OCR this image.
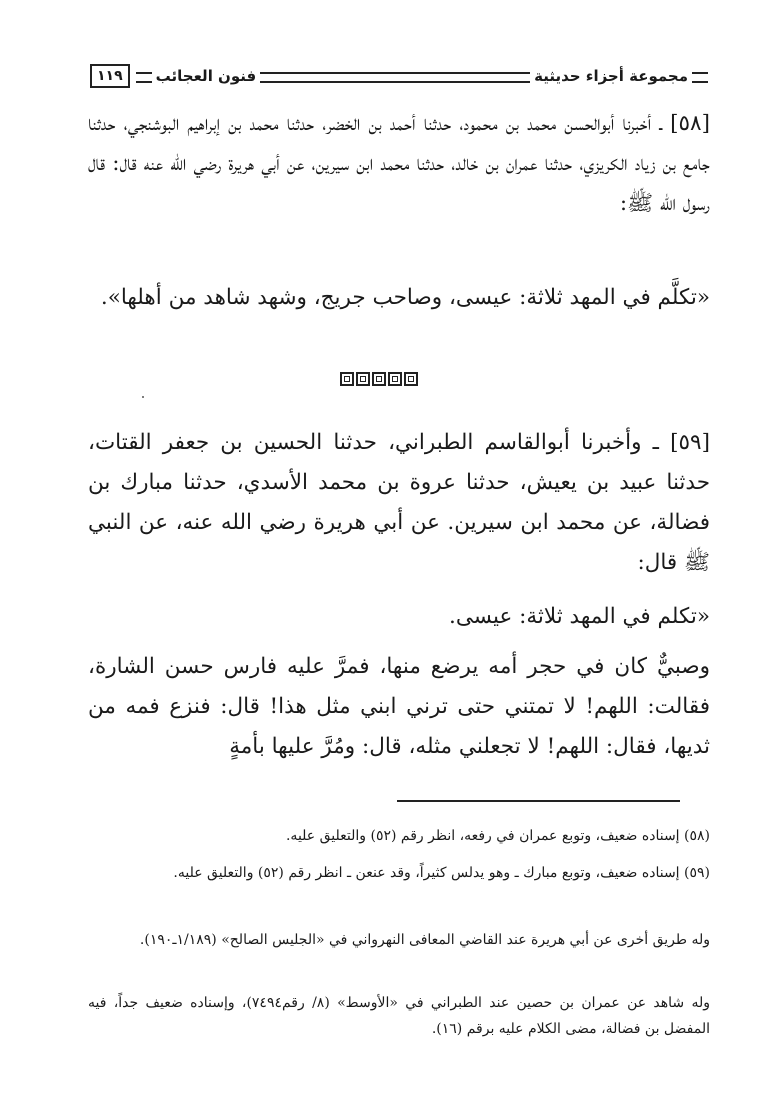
مجموعة أجزاء حديثية
فنون العجائب
١١٩

[٥٨] ـ أخبرنا أبوالحسن محمد بن محمود، حدثنا أحمد بن الخضر، حدثنا محمد بن إبراهيم البوشنجي، حدثنا جامع بن زياد الكريزي، حدثنا عمران بن خالد، حدثنا محمد ابن سيرين، عن أبي هريرة رضي الله عنه قال: قال رسول الله ﷺ:

«تكلَّم في المهد ثلاثة: عيسى، وصاحب جريج، وشهد شاهد من أهلها».

[٥٩] ـ وأخبرنا أبوالقاسم الطبراني، حدثنا الحسين بن جعفر القتات، حدثنا عبيد بن يعيش، حدثنا عروة بن محمد الأسدي، حدثنا مبارك بن فضالة، عن محمد ابن سيرين. عن أبي هريرة رضي الله عنه، عن النبي ﷺ قال:

«تكلم في المهد ثلاثة: عيسى.

وصبيٌّ كان في حجر أمه يرضع منها، فمرَّ عليه فارس حسن الشارة، فقالت: اللهم! لا تمتني حتى ترني ابني مثل هذا! قال: فنزع فمه من ثديها، فقال: اللهم! لا تجعلني مثله، قال: ومُرَّ عليها بأمةٍ

(٥٨) إسناده ضعيف، وتوبع عمران في رفعه، انظر رقم (٥٢) والتعليق عليه.

(٥٩) إسناده ضعيف، وتوبع مبارك ـ وهو يدلس كثيراً، وقد عنعن ـ انظر رقم (٥٢) والتعليق عليه.

وله طريق أخرى عن أبي هريرة عند القاضي المعافى النهرواني في «الجليس الصالح» (١/١٨٩ـ١٩٠).

وله شاهد عن عمران بن حصين عند الطبراني في «الأوسط» (٨/ رقم٧٤٩٤)، وإسناده ضعيف جداً، فيه المفضل بن فضالة، مضى الكلام عليه برقم (١٦).
